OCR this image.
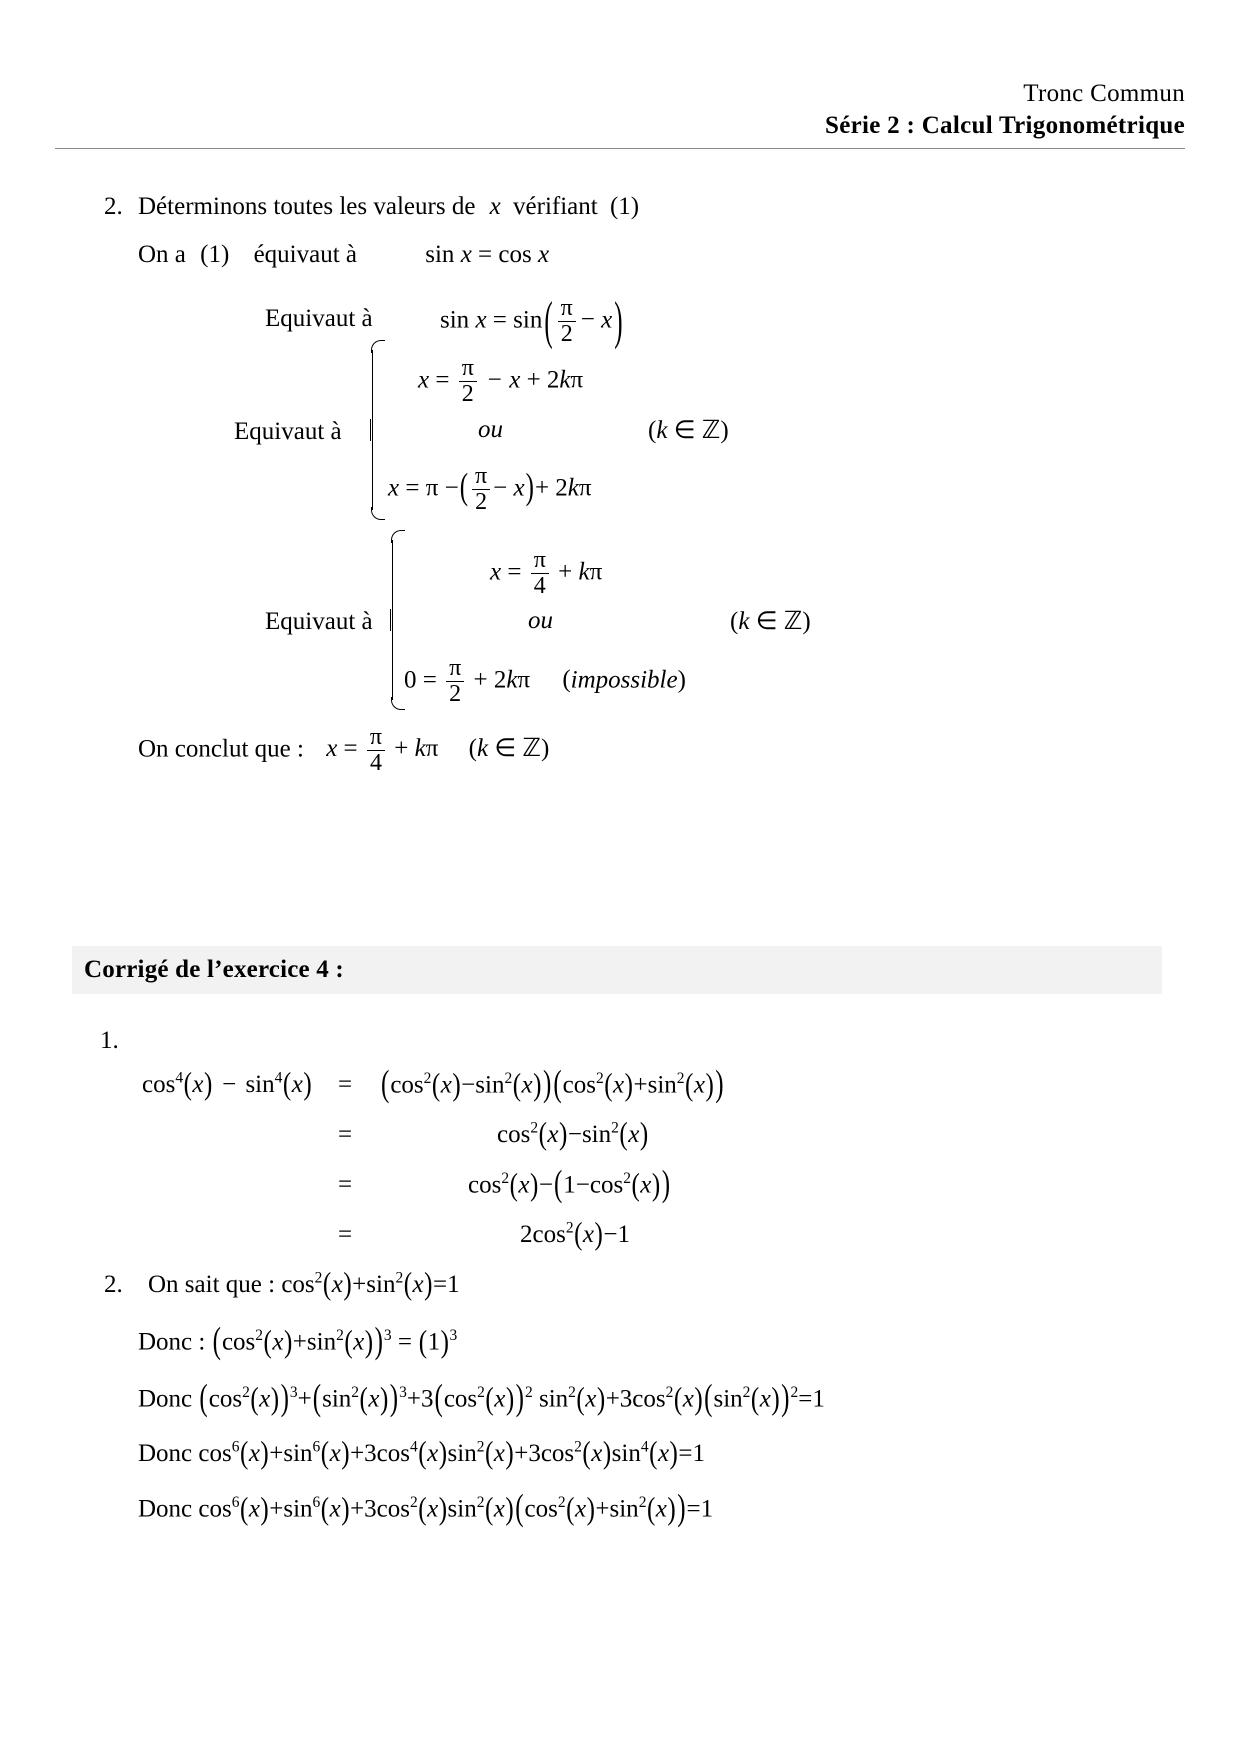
Tronc Commun
Série 2 : Calcul Trigonométrique
2. Déterminons toutes les valeurs de x vérifiant (1)
On a (1) équivaut à	sin x = cos x
Equivaut à	$\sin x = \sin( \frac{\pi}{2} - x)$
Equivaut à
$x = \frac{\pi}{2} - x + 2k\pi$
ou	(k ∈ ℤ)
x = π −( $\frac{\pi}{2} - x)+ 2k\pi$
Equivaut à
$x = \frac{\pi}{4} + k\pi$
ou	(k ∈ ℤ)
$0 = \frac{\pi}{2} + 2k\pi$ (impossible)
On conclut que : $x = \frac{\pi}{4} + k\pi$ (k ∈ ℤ)
Corrigé de l’exercice 4 :
1.
$\cos^4(x) - \sin^4(x) = (\cos^2(x)-\sin^2(x))(\cos^2(x)+\sin^2(x))$
=	$\cos^2(x)-\sin^2(x)$
=	$\cos^2(x)-(1-\cos^2(x))$
=	$2\cos^2(x)-1$
2. On sait que : $\cos^2(x)+\sin^2(x)=1$
Donc : $(\cos^2(x)+\sin^2(x))^3 = (1)^3$
Donc $(\cos^2(x))^3+(\sin^2(x))^3+3(\cos^2(x))^2$ $\sin^2(x)+3\cos^2(x)(\sin^2(x))^2=1$
Donc $\cos^6(x)+\sin^6(x)+3\cos^4(x)\sin^2(x)+3\cos^2(x)\sin^4(x)=1$
Donc $\cos^6(x)+\sin^6(x)+3\cos^2(x)\sin^2(x)(\cos^2(x)+\sin^2(x))=1$
